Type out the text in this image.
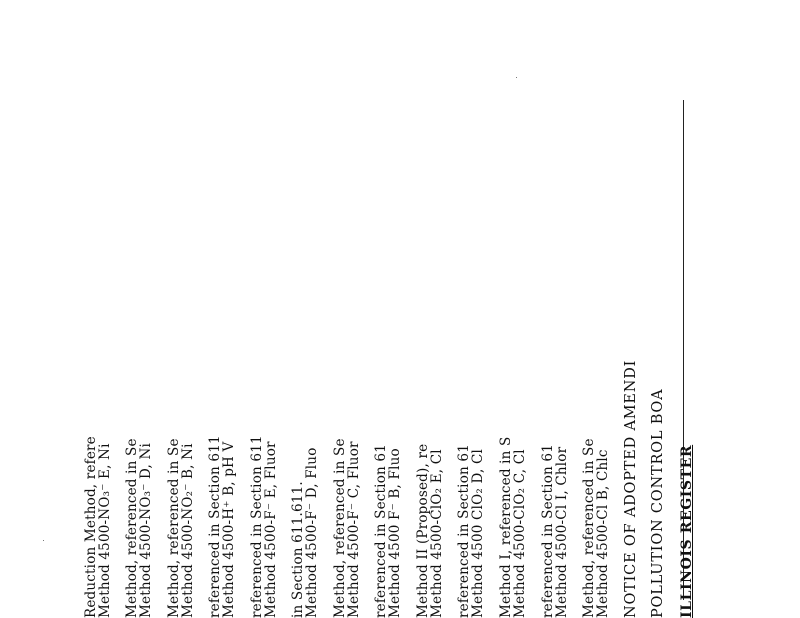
ILLINOIS REGISTER
POLLUTION CONTROL BOA
NOTICE OF ADOPTED AMENDI
Method 4500-Cl B, Chlc
Method, referenced in Se
Method 4500-Cl I, Chlor
referenced in Section 61
Method 4500-ClO₂ C, Cl
Method I, referenced in S
Method 4500 ClO₂ D, Cl
referenced in Section 61
Method 4500-ClO₂ E, Cl
Method II (Proposed), re
Method 4500 F⁻ B, Fluo
referenced in Section 61
Method 4500-F⁻ C, Fluor
Method, referenced in Se
Method 4500-F⁻ D, Fluo
in Section 611.611.
Method 4500-F⁻ E, Fluor
referenced in Section 611
Method 4500-H⁺ B, pH V
referenced in Section 611
Method 4500-NO₂⁻ B, Ni
Method, referenced in Se
Method 4500-NO₃⁻ D, Ni
Method, referenced in Se
Method 4500-NO₃⁻ E, Ni
Reduction Method, refere
